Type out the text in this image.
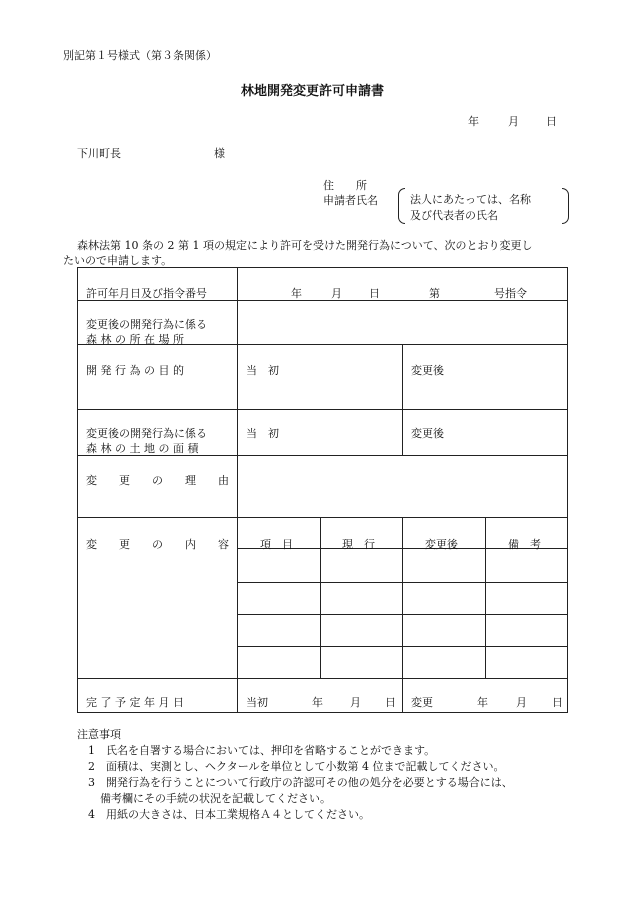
別記第１号様式（第３条関係）
林地開発変更許可申請書
年	月 日
下川町長	様
住　　所
申請者氏名	法人にあたっては、名称
及び代表者の氏名
森林法第 10 条の 2 第 1 項の規定により許可を受けた開発行為について、次のとおり変更し
たいので申請します。
許可年月日及び指令番号	年	月 日	第	号指令
変更後の開発行為に係る
森 林 の 所 在 場 所
開 発 行 為 の 目 的	当　初	変更後
変更後の開発行為に係る
森 林 の 土 地 の 面 積
当　初	変更後
変　　更　　の　　理　　由
変　　更　　の　　内　　容	項　目	現　行	変更後	備　考
完 了 予 定 年 月 日	当初	年 月 日 変更	年	月 日
注意事項
1　氏名を自署する場合においては、押印を省略することができます。
2　面積は、実測とし、ヘクタールを単位として小数第 4 位まで記載してください。
3　開発行為を行うことについて行政庁の許認可その他の処分を必要とする場合には、
備考欄にその手続の状況を記載してください。
4　用紙の大きさは、日本工業規格Ａ４としてください。
